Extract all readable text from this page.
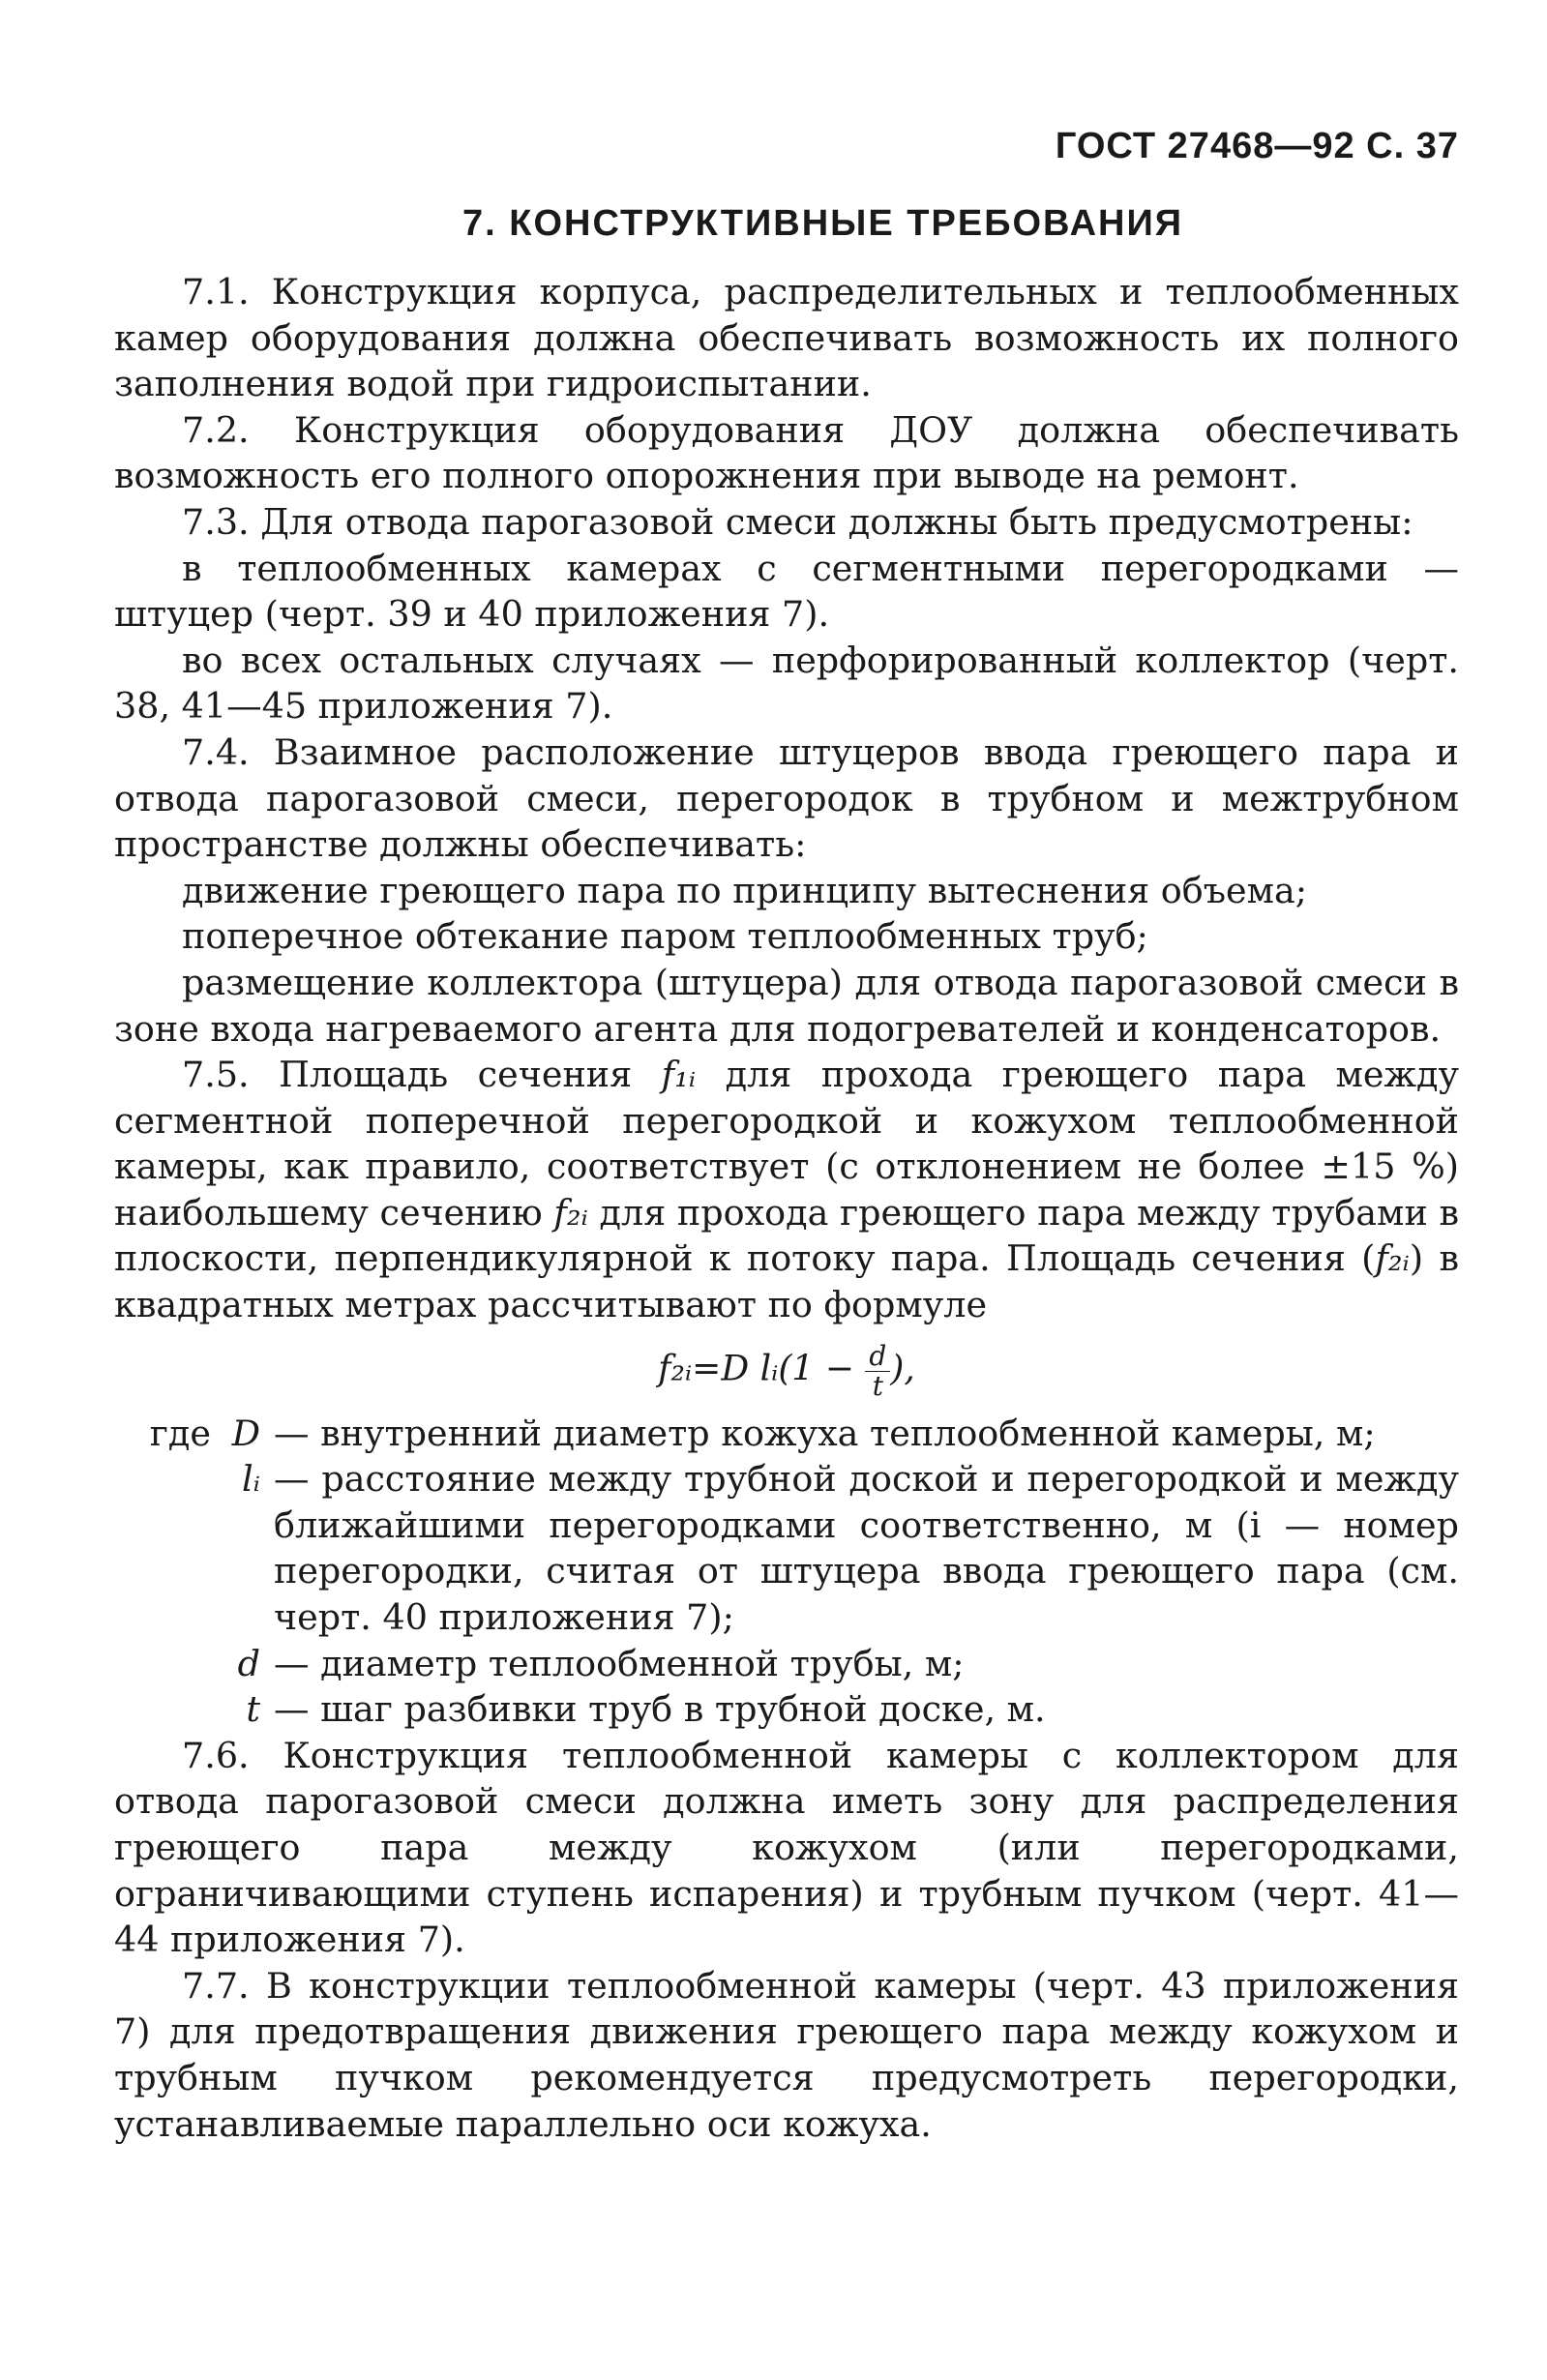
ГОСТ 27468—92 С. 37
7. КОНСТРУКТИВНЫЕ ТРЕБОВАНИЯ

7.1. Конструкция корпуса, распределительных и теплообменных камер оборудования должна обеспечивать возможность их полного заполнения водой при гидроиспытании.

7.2. Конструкция оборудования ДОУ должна обеспечивать возможность его полного опорожнения при выводе на ремонт.

7.3. Для отвода парогазовой смеси должны быть предусмотрены:

в теплообменных камерах с сегментными перегородками — штуцер (черт. 39 и 40 приложения 7).

во всех остальных случаях — перфорированный коллектор (черт. 38, 41—45 приложения 7).

7.4. Взаимное расположение штуцеров ввода греющего пара и отвода парогазовой смеси, перегородок в трубном и межтрубном пространстве должны обеспечивать:

движение греющего пара по принципу вытеснения объема;

поперечное обтекание паром теплообменных труб;

размещение коллектора (штуцера) для отвода парогазовой смеси в зоне входа нагреваемого агента для подогревателей и конденсаторов.

7.5. Площадь сечения f₁ᵢ для прохода греющего пара между сегментной поперечной перегородкой и кожухом теплообменной камеры, как правило, соответствует (с отклонением не более ±15 %) наибольшему сечению f₂ᵢ для прохода греющего пара между трубами в плоскости, перпендикулярной к потоку пара. Площадь сечения (f₂ᵢ) в квадратных метрах рассчитывают по формуле

f₂ᵢ=D lᵢ(1 − $\frac{d}{t}$ ),
где D — внутренний диаметр кожуха теплообменной камеры, м;
lᵢ — расстояние между трубной доской и перегородкой и между ближайшими перегородками соответственно, м (i — номер перегородки, считая от штуцера ввода греющего пара (см. черт. 40 приложения 7);
d — диаметр теплообменной трубы, м;
t — шаг разбивки труб в трубной доске, м.

7.6. Конструкция теплообменной камеры с коллектором для отвода парогазовой смеси должна иметь зону для распределения греющего пара между кожухом (или перегородками, ограничивающими ступень испарения) и трубным пучком (черт. 41—44 приложения 7).

7.7. В конструкции теплообменной камеры (черт. 43 приложения 7) для предотвращения движения греющего пара между кожухом и трубным пучком рекомендуется предусмотреть перегородки, устанавливаемые параллельно оси кожуха.
